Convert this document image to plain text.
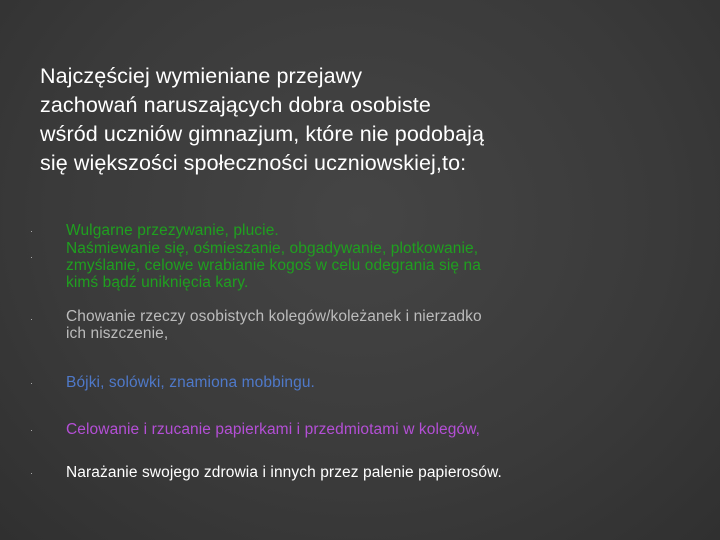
Najczęściej wymieniane przejawy
zachowań naruszających dobra osobiste
wśród uczniów gimnazjum, które nie podobają
się większości społeczności uczniowskiej,to:
· Wulgarne przezywanie, plucie.
· Naśmiewanie się, ośmieszanie, obgadywanie, plotkowanie,
zmyślanie, celowe wrabianie kogoś w celu odegrania się na
kimś bądź uniknięcia kary.
· Chowanie rzeczy osobistych kolegów/koleżanek i nierzadko
ich niszczenie,
· Bójki, solówki, znamiona mobbingu.
· Celowanie i rzucanie papierkami i przedmiotami w kolegów,
· Narażanie swojego zdrowia i innych przez palenie papierosów.
